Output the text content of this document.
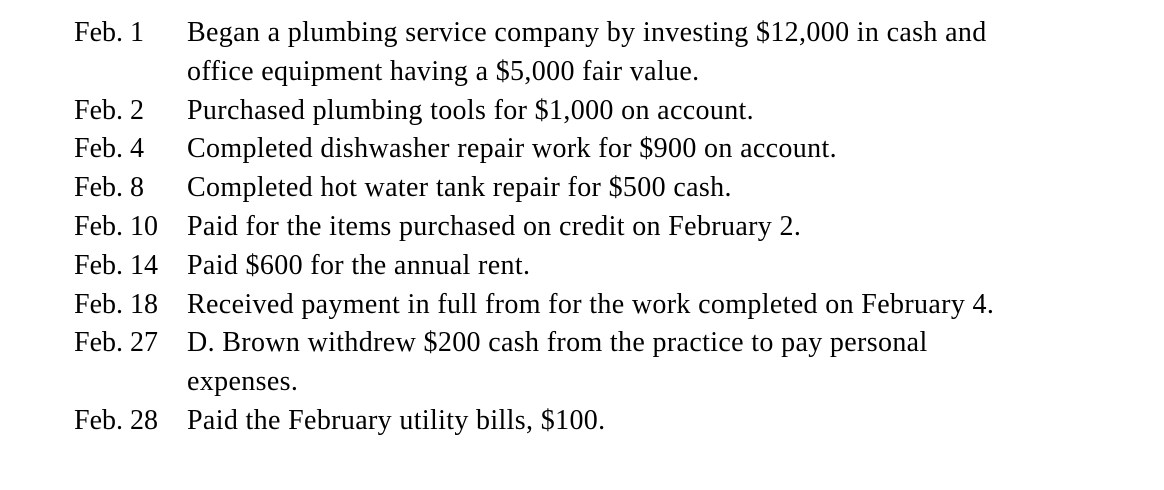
Feb. 1	Began a plumbing service company by investing $12,000 in cash and
office equipment having a $5,000 fair value.
Feb. 2	Purchased plumbing tools for $1,000 on account.
Feb. 4	Completed dishwasher repair work for $900 on account.
Feb. 8	Completed hot water tank repair for $500 cash.
Feb. 10	Paid for the items purchased on credit on February 2.
Feb. 14	Paid $600 for the annual rent.
Feb. 18	Received payment in full from for the work completed on February 4.
Feb. 27	D. Brown withdrew $200 cash from the practice to pay personal
expenses.
Feb. 28	Paid the February utility bills, $100.
